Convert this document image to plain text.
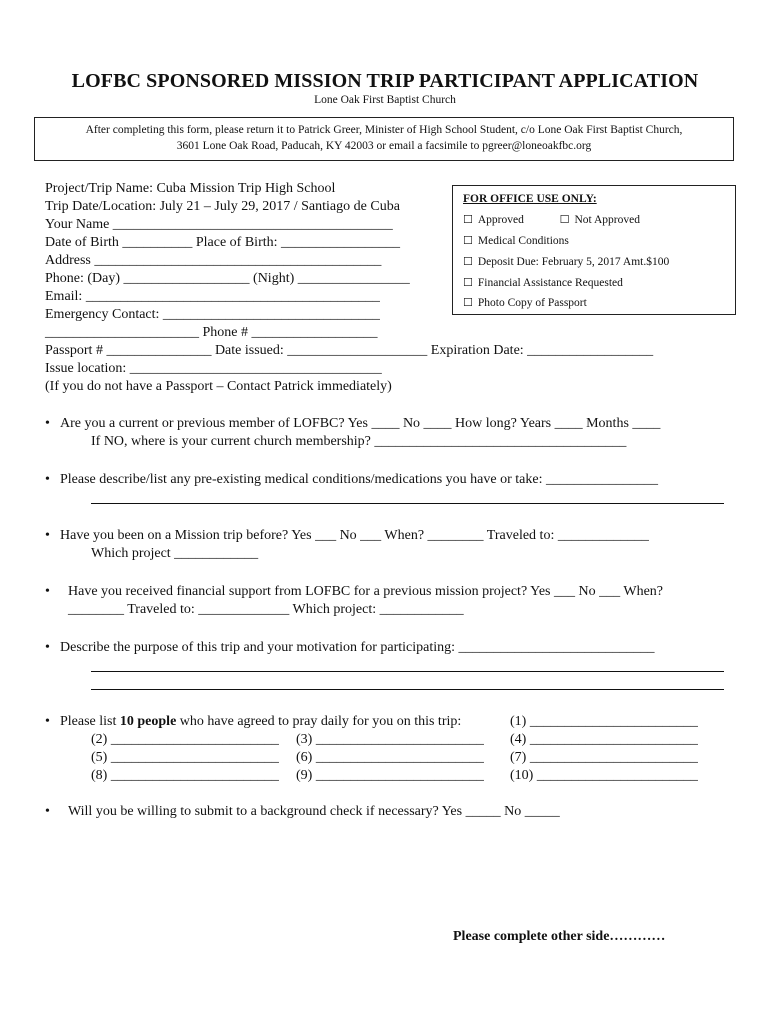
LOFBC SPONSORED MISSION TRIP PARTICIPANT APPLICATION
Lone Oak First Baptist Church
After completing this form, please return it to Patrick Greer, Minister of High School Student, c/o Lone Oak First Baptist Church,
3601 Lone Oak Road, Paducah, KY 42003 or email a facsimile to pgreer@loneoakfbc.org
Project/Trip Name: Cuba Mission Trip High School
Trip Date/Location: July 21 – July 29, 2017 / Santiago de Cuba
Your Name ________________________________________
Date of Birth __________ Place of Birth: _________________
Address _________________________________________
Phone: (Day) __________________ (Night) ________________
Email: __________________________________________
Emergency Contact: _______________________________
______________________ Phone # __________________
Passport # _______________ Date issued: ____________________ Expiration Date: __________________
Issue location: ____________________________________
(If you do not have a Passport – Contact Patrick immediately)
FOR OFFICE USE ONLY:
☐ Approved	☐ Not Approved
☐ Medical Conditions
☐ Deposit Due: February 5, 2017 Amt.$100
☐ Financial Assistance Requested
☐ Photo Copy of Passport
• Are you a current or previous member of LOFBC? Yes ____ No ____ How long? Years ____ Months ____
If NO, where is your current church membership? ____________________________________
• Please describe/list any pre-existing medical conditions/medications you have or take: ________________
• Have you been on a Mission trip before? Yes ___ No ___ When? ________ Traveled to: _____________
Which project ____________
• Have you received financial support from LOFBC for a previous mission project? Yes ___ No ___ When?
________ Traveled to: _____________ Which project: ____________
• Describe the purpose of this trip and your motivation for participating: ____________________________
• Please list 10 people who have agreed to pray daily for you on this trip:	(1) ________________________
(2) ________________________ (3) ________________________ (4) ________________________
(5) ________________________ (6) ________________________ (7) ________________________
(8) ________________________ (9) ________________________ (10) _______________________
• Will you be willing to submit to a background check if necessary? Yes _____ No _____
Please complete other side…………
